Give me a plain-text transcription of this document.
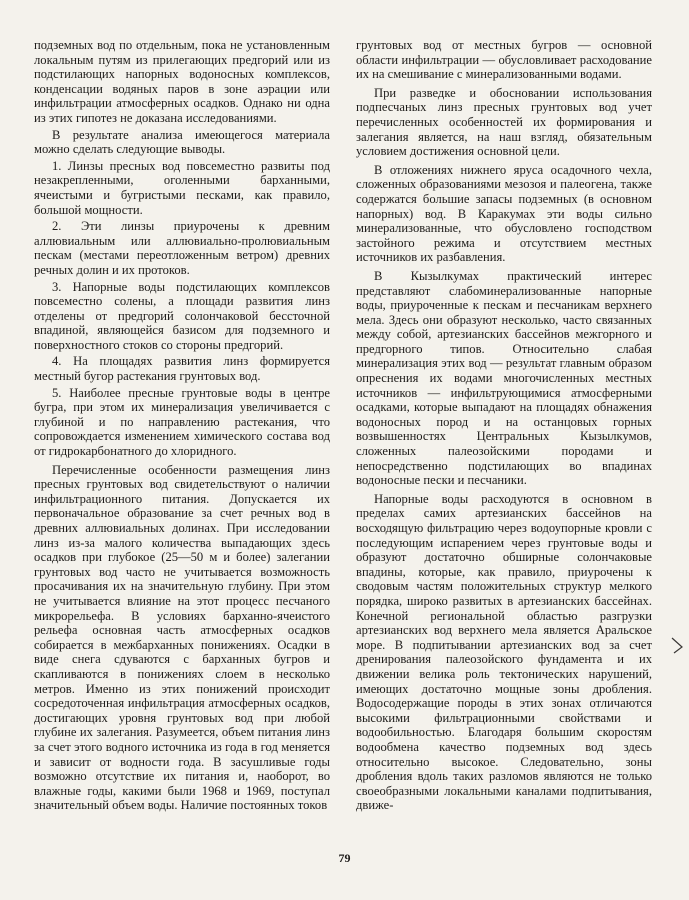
подземных вод по отдельным, пока не установленным локальным путям из прилегающих предгорий или из подстилающих напорных водоносных комплексов, конденсации водяных паров в зоне аэрации или инфильтрации атмосферных осадков. Однако ни одна из этих гипотез не доказана исследованиями.

В результате анализа имеющегося материала можно сделать следующие выводы.

1. Линзы пресных вод повсеместно развиты под незакрепленными, оголенными барханными, ячеистыми и бугристыми песками, как правило, большой мощности.

2. Эти линзы приурочены к древним аллювиальным или аллювиально-пролювиальным пескам (местами переотложенным ветром) древних речных долин и их протоков.

3. Напорные воды подстилающих комплексов повсеместно солены, а площади развития линз отделены от предгорий солончаковой бессточной впадиной, являющейся базисом для подземного и поверхностного стоков со стороны предгорий.

4. На площадях развития линз формируется местный бугор растекания грунтовых вод.

5. Наиболее пресные грунтовые воды в центре бугра, при этом их минерализация увеличивается с глубиной и по направлению растекания, что сопровождается изменением химического состава вод от гидрокарбонатного до хлоридного.

Перечисленные особенности размещения линз пресных грунтовых вод свидетельствуют о наличии инфильтрационного питания. Допускается их первоначальное образование за счет речных вод в древних аллювиальных долинах. При исследовании линз из-за малого количества выпадающих здесь осадков при глубокое (25—50 м и более) залегании грунтовых вод часто не учитывается возможность просачивания их на значительную глубину. При этом не учитывается влияние на этот процесс песчаного микрорельефа. В условиях барханно-ячеистого рельефа основная часть атмосферных осадков собирается в межбарханных понижениях. Осадки в виде снега сдуваются с барханных бугров и скапливаются в понижениях слоем в несколько метров. Именно из этих понижений происходит сосредоточенная инфильтрация атмосферных осадков, достигающих уровня грунтовых вод при любой глубине их залегания. Разумеется, объем питания линз за счет этого водного источника из года в год меняется и зависит от водности года. В засушливые годы возможно отсутствие их питания и, наоборот, во влажные годы, какими были 1968 и 1969, поступал значительный объем воды. Наличие постоянных токов

грунтовых вод от местных бугров — основной области инфильтрации — обусловливает расходование их на смешивание с минерализованными водами.

При разведке и обосновании использования подпесчаных линз пресных грунтовых вод учет перечисленных особенностей их формирования и залегания является, на наш взгляд, обязательным условием достижения основной цели.

В отложениях нижнего яруса осадочного чехла, сложенных образованиями мезозоя и палеогена, также содержатся большие запасы подземных (в основном напорных) вод. В Каракумах эти воды сильно минерализованные, что обусловлено господством застойного режима и отсутствием местных источников их разбавления.

В Кызылкумах практический интерес представляют слабоминерализованные напорные воды, приуроченные к пескам и песчаникам верхнего мела. Здесь они образуют несколько, часто связанных между собой, артезианских бассейнов межгорного и предгорного типов. Относительно слабая минерализация этих вод — результат главным образом опреснения их водами многочисленных местных источников — инфильтрующимися атмосферными осадками, которые выпадают на площадях обнажения водоносных пород и на останцовых горных возвышенностях Центральных Кызылкумов, сложенных палеозойскими породами и непосредственно подстилающих во впадинах водоносные пески и песчаники.

Напорные воды расходуются в основном в пределах самих артезианских бассейнов на восходящую фильтрацию через водоупорные кровли с последующим испарением через грунтовые воды и образуют достаточно обширные солончаковые впадины, которые, как правило, приурочены к сводовым частям положительных структур мелкого порядка, широко развитых в артезианских бассейнах. Конечной региональной областью разгрузки артезианских вод верхнего мела является Аральское море. В подпитывании артезианских вод за счет дренирования палеозойского фундамента и их движении велика роль тектонических нарушений, имеющих достаточно мощные зоны дробления. Водосодержащие породы в этих зонах отличаются высокими фильтрационными свойствами и водообильностью. Благодаря большим скоростям водообмена качество подземных вод здесь относительно высокое. Следовательно, зоны дробления вдоль таких разломов являются не только своеобразными локальными каналами подпитывания, движе-

79
